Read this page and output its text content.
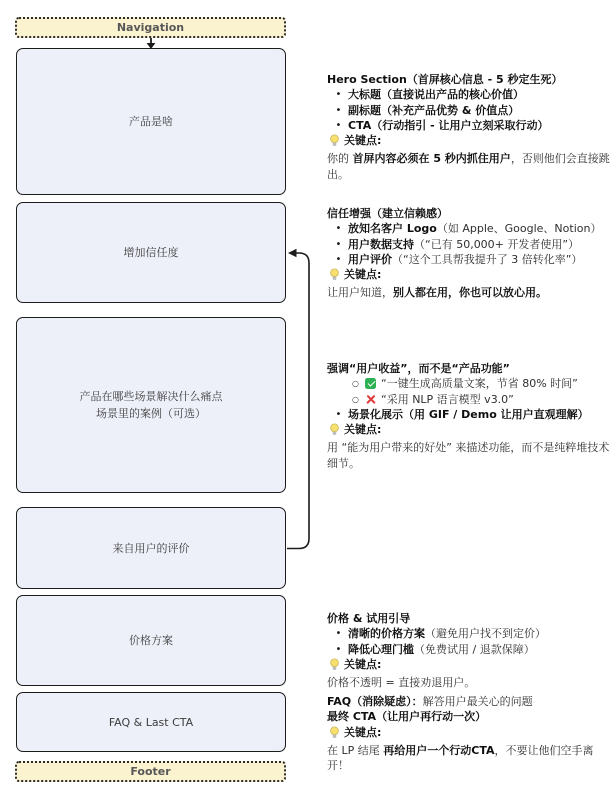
Navigation
产品是啥
增加信任度
产品在哪些场景解决什么痛点
场景里的案例（可选）
来自用户的评价
价格方案
FAQ & Last CTA
Footer
Hero Section（首屏核心信息 - 5 秒定生死）
• 大标题（直接说出产品的核心价值）
• 副标题（补充产品优势 & 价值点）
• CTA（行动指引 - 让用户立刻采取行动）
关键点:
你的 首屏内容必须在 5 秒内抓住用户，否则他们会直接跳出。
信任增强（建立信赖感）
• 放知名客户 Logo（如 Apple、Google、Notion）
• 用户数据支持（“已有 50,000+ 开发者使用”）
• 用户评价（“这个工具帮我提升了 3 倍转化率”）
关键点:
让用户知道，别人都在用，你也可以放心用。
强调“用户收益”，而不是“产品功能”
○ “一键生成高质量文案，节省 80% 时间”
○ “采用 NLP 语言模型 v3.0”
• 场景化展示（用 GIF / Demo 让用户直观理解）
关键点:
用 “能为用户带来的好处” 来描述功能，而不是纯粹堆技术细节。
价格 & 试用引导
• 清晰的价格方案（避免用户找不到定价）
• 降低心理门槛（免费试用 / 退款保障）
关键点:
价格不透明 = 直接劝退用户。
FAQ（消除疑虑）：解答用户最关心的问题
最终 CTA（让用户再行动一次）
关键点:
在 LP 结尾 再给用户一个行动CTA，不要让他们空手离开！
